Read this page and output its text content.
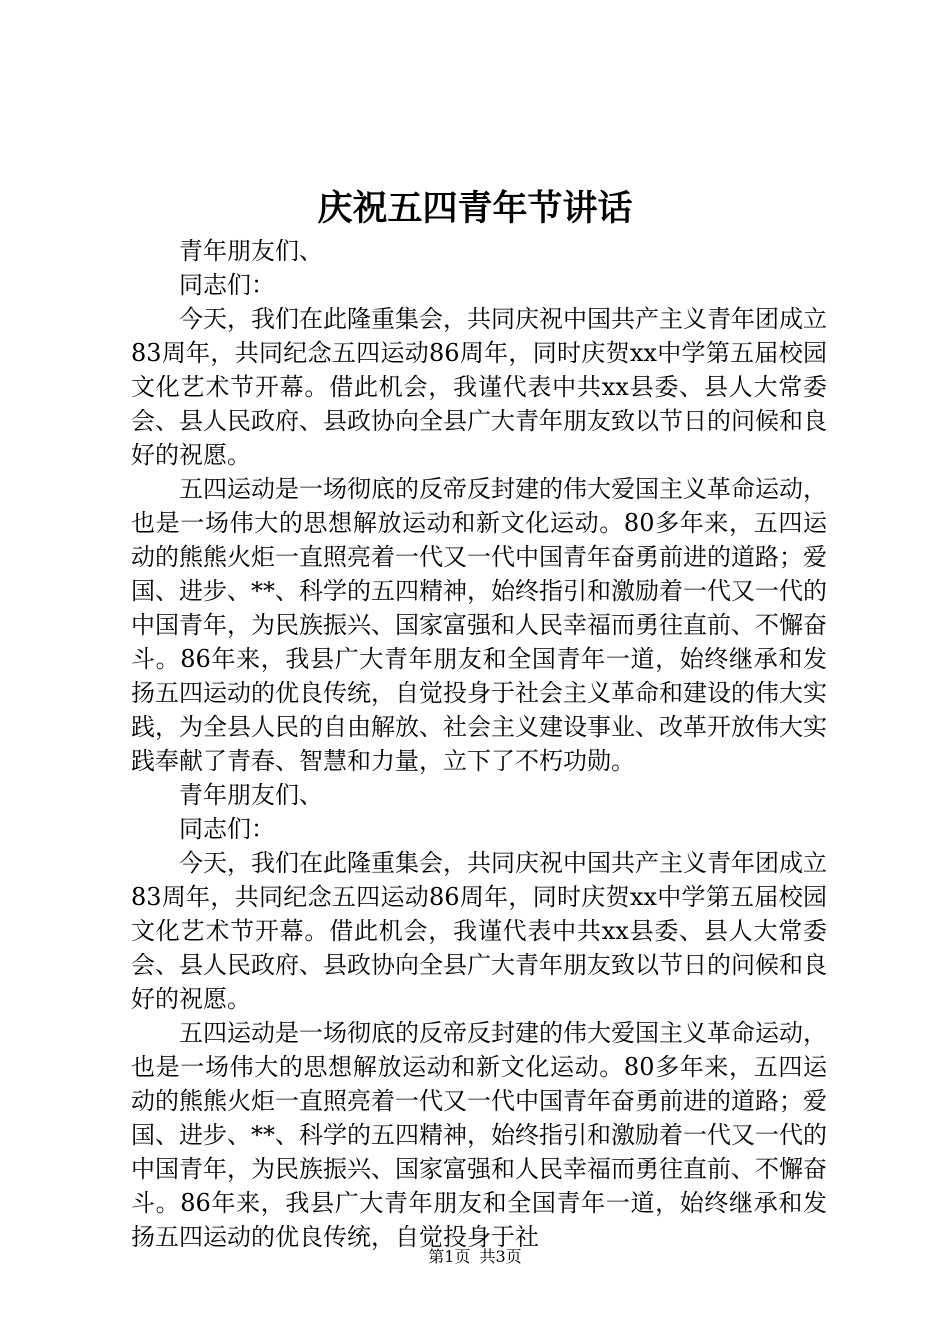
庆祝五四青年节讲话

青年朋友们、

同志们：

今天，我们在此隆重集会，共同庆祝中国共产主义青年团成立83周年，共同纪念五四运动86周年，同时庆贺xx中学第五届校园文化艺术节开幕。借此机会，我谨代表中共xx县委、县人大常委会、县人民政府、县政协向全县广大青年朋友致以节日的问候和良好的祝愿。

五四运动是一场彻底的反帝反封建的伟大爱国主义革命运动，也是一场伟大的思想解放运动和新文化运动。80多年来，五四运动的熊熊火炬一直照亮着一代又一代中国青年奋勇前进的道路；爱国、进步、**、科学的五四精神，始终指引和激励着一代又一代的中国青年，为民族振兴、国家富强和人民幸福而勇往直前、不懈奋斗。86年来，我县广大青年朋友和全国青年一道，始终继承和发扬五四运动的优良传统，自觉投身于社会主义革命和建设的伟大实践，为全县人民的自由解放、社会主义建设事业、改革开放伟大实践奉献了青春、智慧和力量，立下了不朽功勋。

青年朋友们、

同志们：

今天，我们在此隆重集会，共同庆祝中国共产主义青年团成立83周年，共同纪念五四运动86周年，同时庆贺xx中学第五届校园文化艺术节开幕。借此机会，我谨代表中共xx县委、县人大常委会、县人民政府、县政协向全县广大青年朋友致以节日的问候和良好的祝愿。

五四运动是一场彻底的反帝反封建的伟大爱国主义革命运动，也是一场伟大的思想解放运动和新文化运动。80多年来，五四运动的熊熊火炬一直照亮着一代又一代中国青年奋勇前进的道路；爱国、进步、**、科学的五四精神，始终指引和激励着一代又一代的中国青年，为民族振兴、国家富强和人民幸福而勇往直前、不懈奋斗。86年来，我县广大青年朋友和全国青年一道，始终继承和发扬五四运动的优良传统，自觉投身于社

第1页 共3页
